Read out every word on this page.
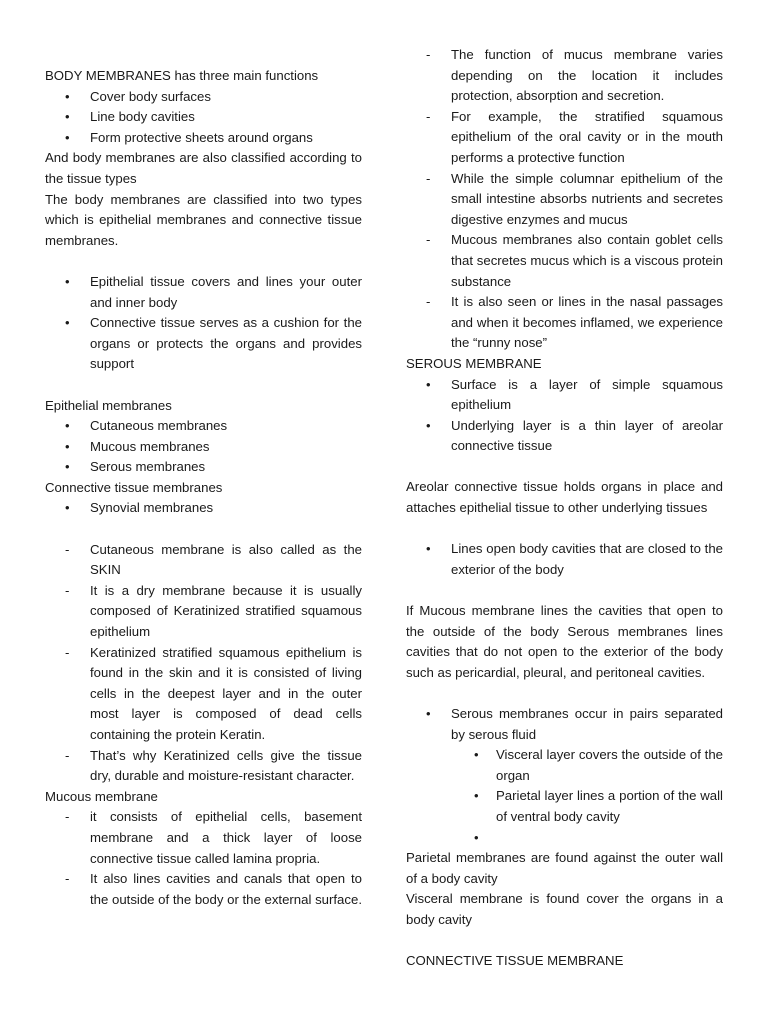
BODY MEMBRANES has three main functions

• Cover body surfaces
• Line body cavities
• Form protective sheets around organs

And body membranes are also classified according to the tissue types

The body membranes are classified into two types which is epithelial membranes and connective tissue membranes.

• Epithelial tissue covers and lines your outer and inner body
• Connective tissue serves as a cushion for the organs or protects the organs and provides support

Epithelial membranes

• Cutaneous membranes
• Mucous membranes
• Serous membranes

Connective tissue membranes

• Synovial membranes
- Cutaneous membrane is also called as the SKIN
- It is a dry membrane because it is usually composed of Keratinized stratified squamous epithelium
- Keratinized stratified squamous epithelium is found in the skin and it is consisted of living cells in the deepest layer and in the outer most layer is composed of dead cells containing the protein Keratin.
- That’s why Keratinized cells give the tissue dry, durable and moisture-resistant character.

Mucous membrane

- it consists of epithelial cells, basement membrane and a thick layer of loose connective tissue called lamina propria.
- It also lines cavities and canals that open to the outside of the body or the external surface.
- The function of mucus membrane varies depending on the location it includes protection, absorption and secretion.
- For example, the stratified squamous epithelium of the oral cavity or in the mouth performs a protective function
- While the simple columnar epithelium of the small intestine absorbs nutrients and secretes digestive enzymes and mucus
- Mucous membranes also contain goblet cells that secretes mucus which is a viscous protein substance
- It is also seen or lines in the nasal passages and when it becomes inflamed, we experience the “runny nose”

SEROUS MEMBRANE

• Surface is a layer of simple squamous epithelium
• Underlying layer is a thin layer of areolar connective tissue

Areolar connective tissue holds organs in place and attaches epithelial tissue to other underlying tissues

• Lines open body cavities that are closed to the exterior of the body

If Mucous membrane lines the cavities that open to the outside of the body Serous membranes lines cavities that do not open to the exterior of the body such as pericardial, pleural, and peritoneal cavities.

• Serous membranes occur in pairs separated by serous fluid
• Visceral layer covers the outside of the organ
• Parietal layer lines a portion of the wall of ventral body cavity
•

Parietal membranes are found against the outer wall of a body cavity

Visceral membrane is found cover the organs in a body cavity

CONNECTIVE TISSUE MEMBRANE
